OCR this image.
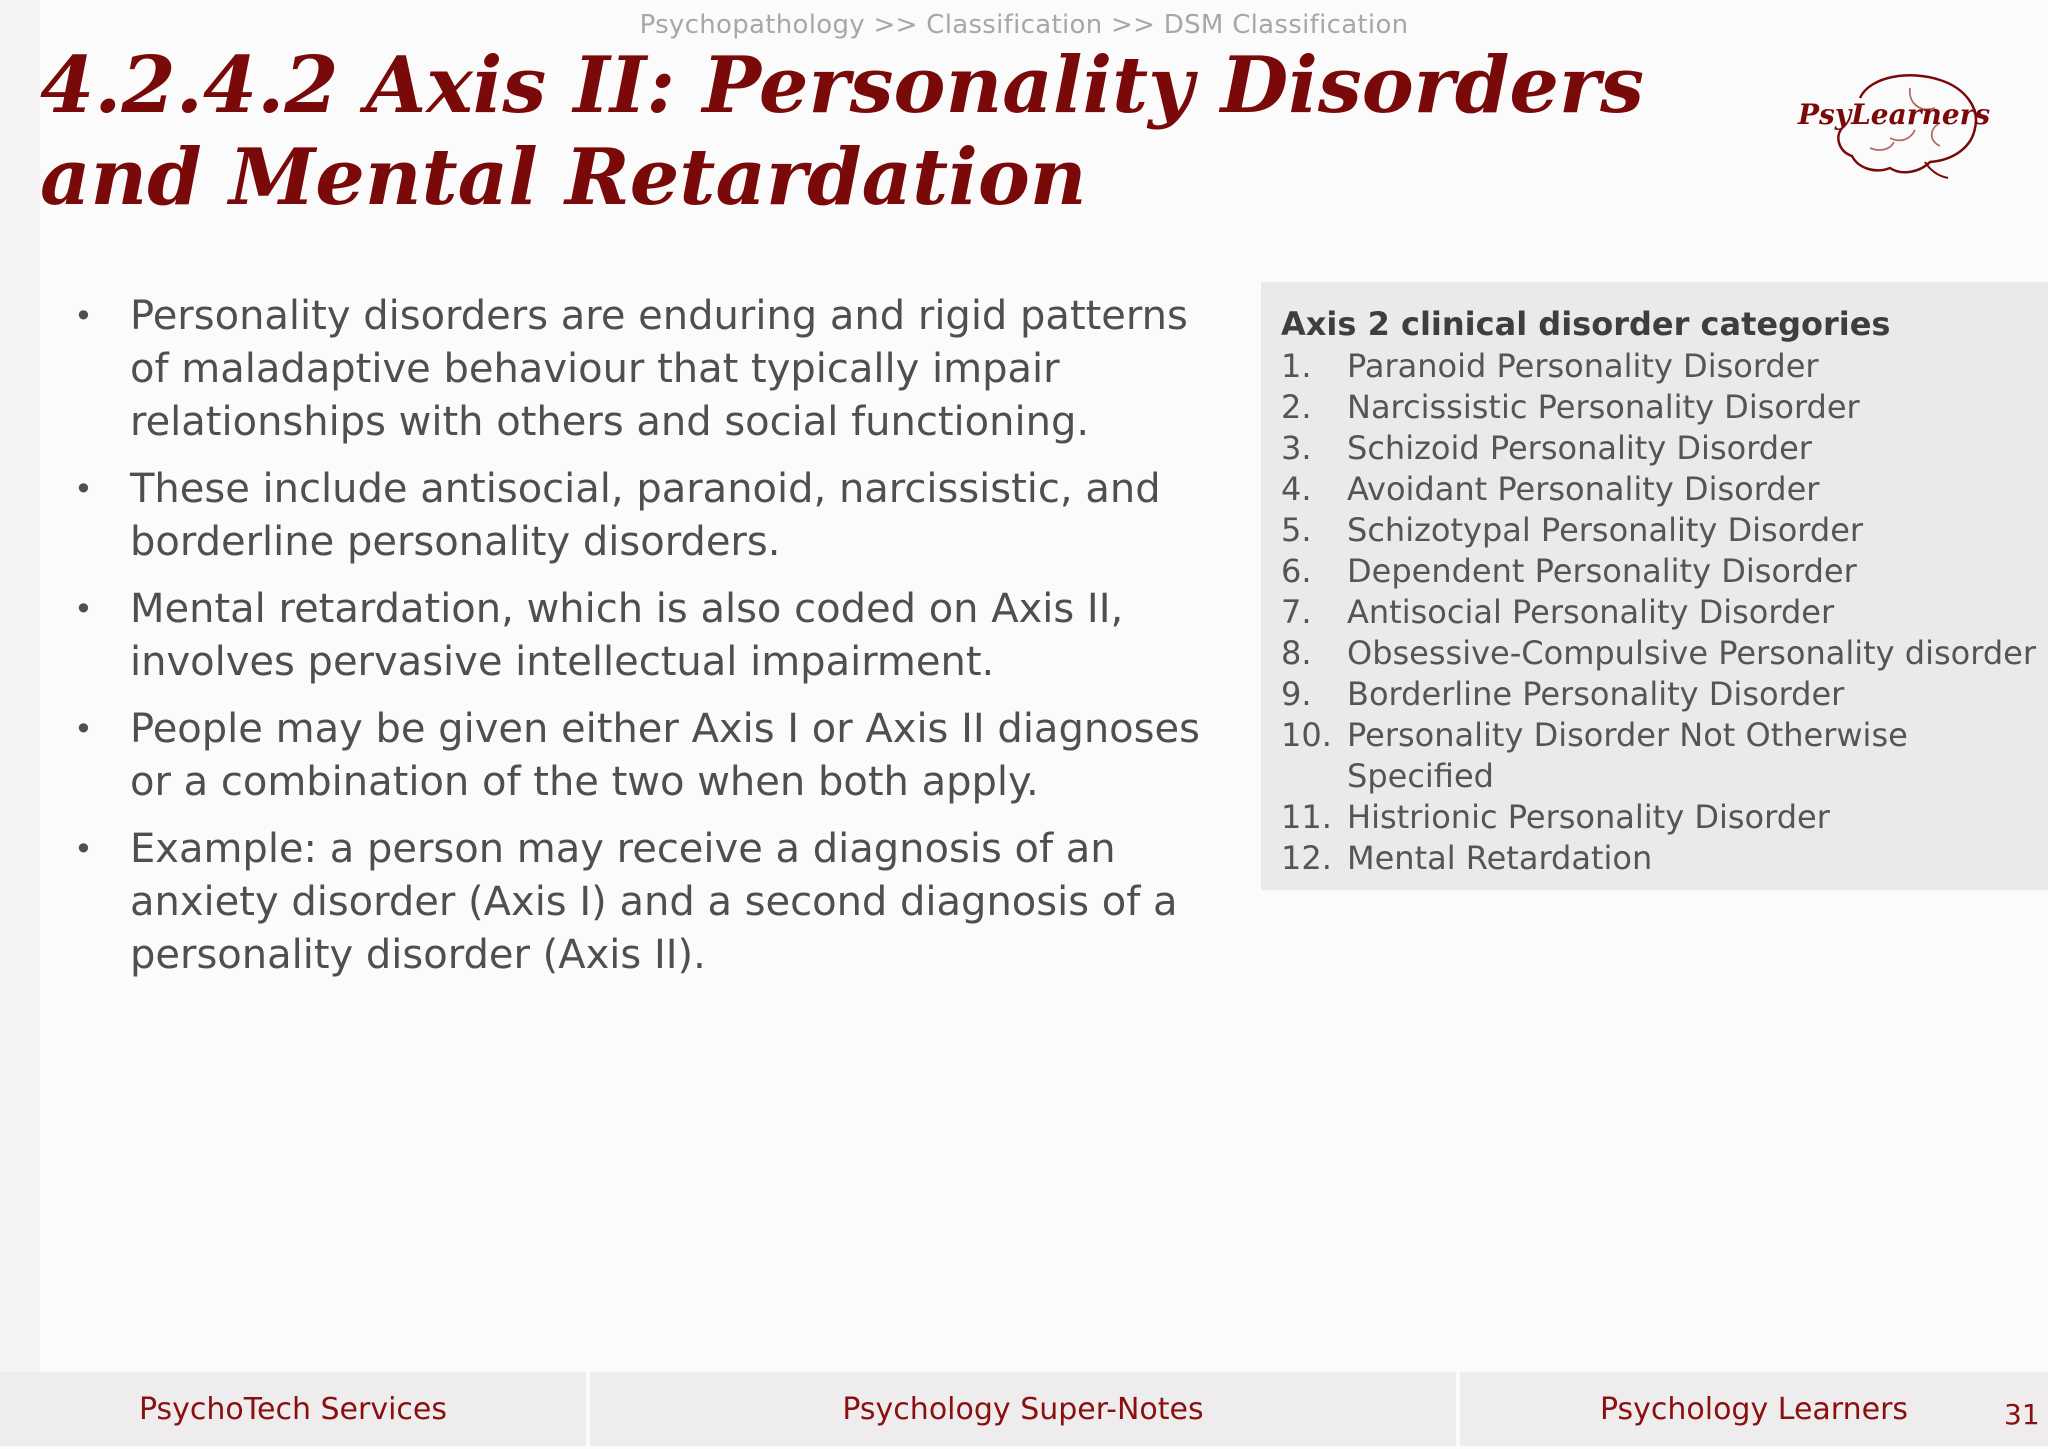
Psychopathology >> Classification >> DSM Classification
4.2.4.2 Axis II: Personality Disorders and Mental Retardation
PsyLearners
• Personality disorders are enduring and rigid patterns of maladaptive behaviour that typically impair relationships with others and social functioning.
• These include antisocial, paranoid, narcissistic, and borderline personality disorders.
• Mental retardation, which is also coded on Axis II, involves pervasive intellectual impairment.
• People may be given either Axis I or Axis II diagnoses or a combination of the two when both apply.
• Example: a person may receive a diagnosis of an anxiety disorder (Axis I) and a second diagnosis of a personality disorder (Axis II).
Axis 2 clinical disorder categories
1. Paranoid Personality Disorder
2. Narcissistic Personality Disorder
3. Schizoid Personality Disorder
4. Avoidant Personality Disorder
5. Schizotypal Personality Disorder
6. Dependent Personality Disorder
7. Antisocial Personality Disorder
8. Obsessive-Compulsive Personality disorder
9. Borderline Personality Disorder
10. Personality Disorder Not Otherwise Specified
11. Histrionic Personality Disorder
12. Mental Retardation
PsychoTech Services	Psychology Super-Notes	Psychology Learners	31
